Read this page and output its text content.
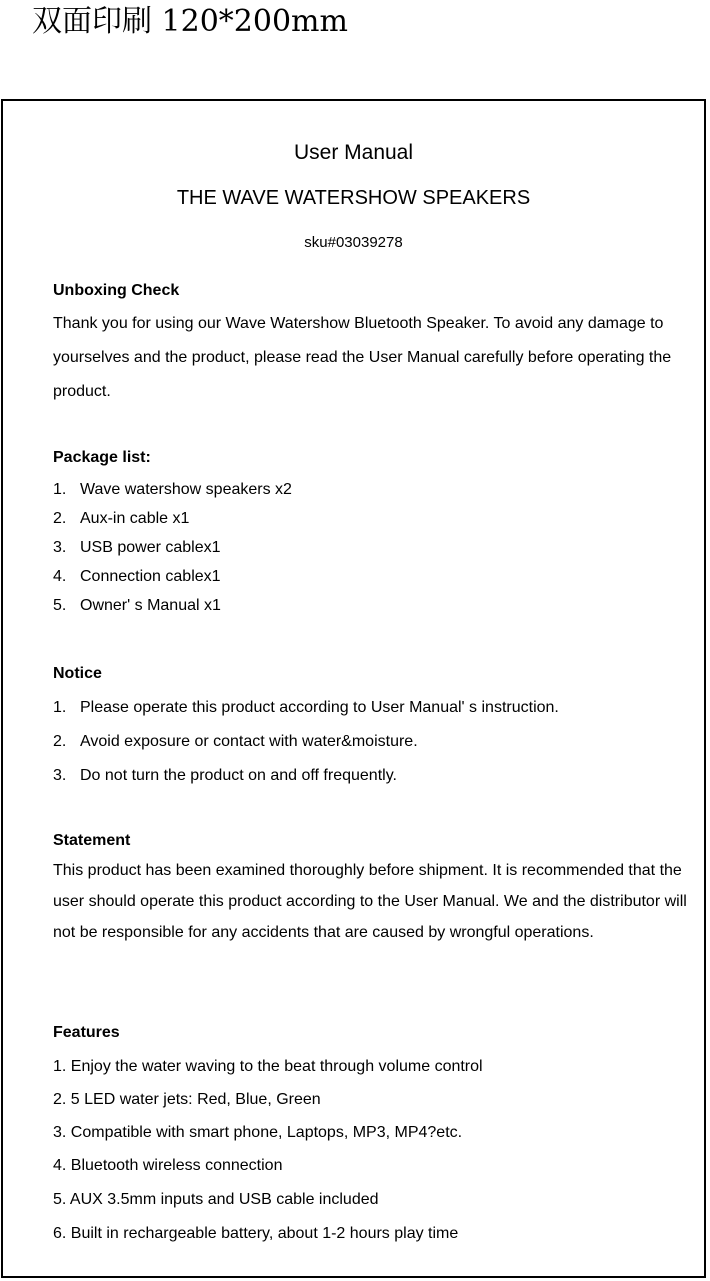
双面印刷 120*200mm
User Manual
THE WAVE WATERSHOW SPEAKERS
sku#03039278
Unboxing Check
Thank you for using our Wave Watershow Bluetooth Speaker. To avoid any damage to yourselves and the product, please read the User Manual carefully before operating the product.
Package list:
1. Wave watershow speakers x2
2. Aux-in cable x1
3. USB power cablex1
4. Connection cablex1
5. Owner' s Manual x1
Notice
1. Please operate this product according to User Manual' s instruction.
2. Avoid exposure or contact with water&moisture.
3. Do not turn the product on and off frequently.
Statement
This product has been examined thoroughly before shipment. It is recommended that the user should operate this product according to the User Manual. We and the distributor will not be responsible for any accidents that are caused by wrongful operations.
Features
1. Enjoy the water waving to the beat through volume control
2. 5 LED water jets: Red, Blue, Green
3. Compatible with smart phone, Laptops, MP3, MP4?etc.
4. Bluetooth wireless connection
5. AUX 3.5mm inputs and USB cable included
6. Built in rechargeable battery, about 1-2 hours play time
